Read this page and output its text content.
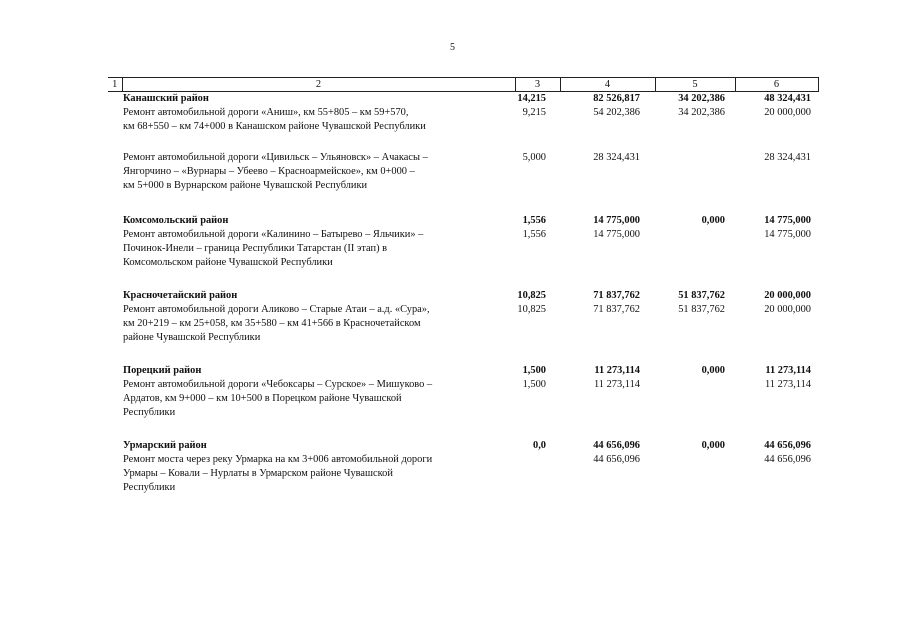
5
1	2	3	4	5	6
	Канашский район	14,215	82 526,817	34 202,386	48 324,431

	Ремонт автомобильной дороги «Аниш», км 55+805 – км 59+570,
км 68+550 – км 74+000 в Канашском районе Чувашской Республики	9,215	54 202,386	34 202,386	20 000,000

	Ремонт автомобильной дороги «Цивильск – Ульяновск» – Ачакасы –
Янгорчино – «Вурнары – Убеево – Красноармейское», км 0+000 –
км 5+000 в Вурнарском районе Чувашской Республики	5,000	28 324,431		28 324,431

	Комсомольский район	1,556	14 775,000	0,000	14 775,000

	Ремонт автомобильной дороги «Калинино – Батырево – Яльчики» –
Починок-Инели – граница Республики Татарстан (II этап) в
Комсомольском районе Чувашской Республики	1,556	14 775,000		14 775,000

	Красночетайский район	10,825	71 837,762	51 837,762	20 000,000

	Ремонт автомобильной дороги Аликово – Старые Атаи – а.д. «Сура»,
км 20+219 – км 25+058, км 35+580 – км 41+566 в Красночетайском
районе Чувашской Республики	10,825	71 837,762	51 837,762	20 000,000

	Порецкий район	1,500	11 273,114	0,000	11 273,114

	Ремонт автомобильной дороги «Чебоксары – Сурское» – Мишуково –
Ардатов, км 9+000 – км 10+500 в Порецком районе Чувашской
Республики	1,500	11 273,114		11 273,114

	Урмарский район	0,0	44 656,096	0,000	44 656,096

	Ремонт моста через реку Урмарка на км 3+006 автомобильной дороги
Урмары – Ковали – Нурлаты в Урмарском районе Чувашской
Республики		44 656,096		44 656,096
